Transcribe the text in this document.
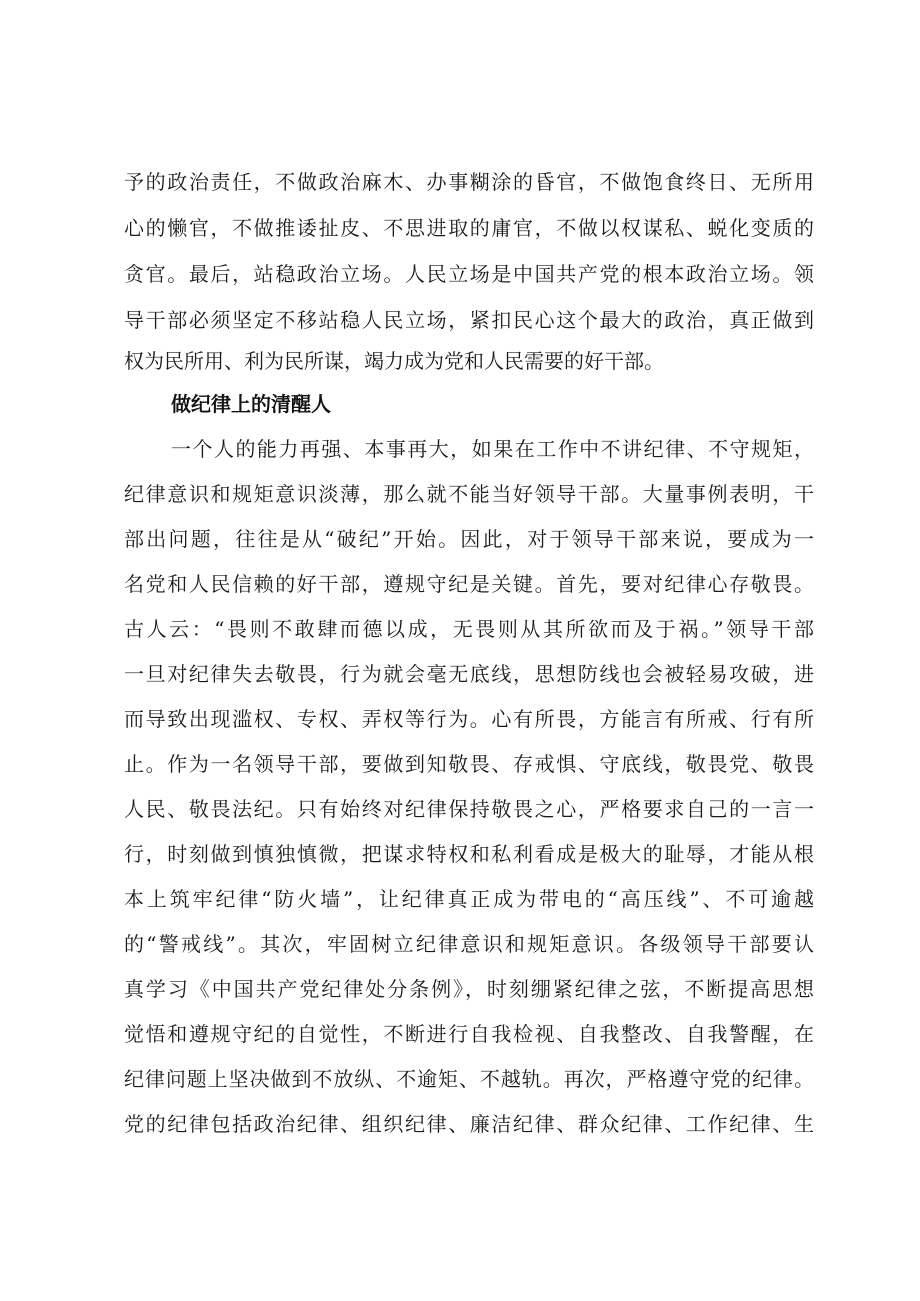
予的政治责任，不做政治麻木、办事糊涂的昏官，不做饱食终日、无所用
心的懒官，不做推诿扯皮、不思进取的庸官，不做以权谋私、蜕化变质的
贪官。最后，站稳政治立场。人民立场是中国共产党的根本政治立场。领
导干部必须坚定不移站稳人民立场，紧扣民心这个最大的政治，真正做到
权为民所用、利为民所谋，竭力成为党和人民需要的好干部。
做纪律上的清醒人
一个人的能力再强、本事再大，如果在工作中不讲纪律、不守规矩，
纪律意识和规矩意识淡薄，那么就不能当好领导干部。大量事例表明，干
部出问题，往往是从“破纪”开始。因此，对于领导干部来说，要成为一
名党和人民信赖的好干部，遵规守纪是关键。首先，要对纪律心存敬畏。
古人云：“畏则不敢肆而德以成，无畏则从其所欲而及于祸。”领导干部
一旦对纪律失去敬畏，行为就会毫无底线，思想防线也会被轻易攻破，进
而导致出现滥权、专权、弄权等行为。心有所畏，方能言有所戒、行有所
止。作为一名领导干部，要做到知敬畏、存戒惧、守底线，敬畏党、敬畏
人民、敬畏法纪。只有始终对纪律保持敬畏之心，严格要求自己的一言一
行，时刻做到慎独慎微，把谋求特权和私利看成是极大的耻辱，才能从根
本上筑牢纪律“防火墙”，让纪律真正成为带电的“高压线”、不可逾越
的“警戒线”。其次，牢固树立纪律意识和规矩意识。各级领导干部要认
真学习《中国共产党纪律处分条例》，时刻绷紧纪律之弦，不断提高思想
觉悟和遵规守纪的自觉性，不断进行自我检视、自我整改、自我警醒，在
纪律问题上坚决做到不放纵、不逾矩、不越轨。再次，严格遵守党的纪律。
党的纪律包括政治纪律、组织纪律、廉洁纪律、群众纪律、工作纪律、生
